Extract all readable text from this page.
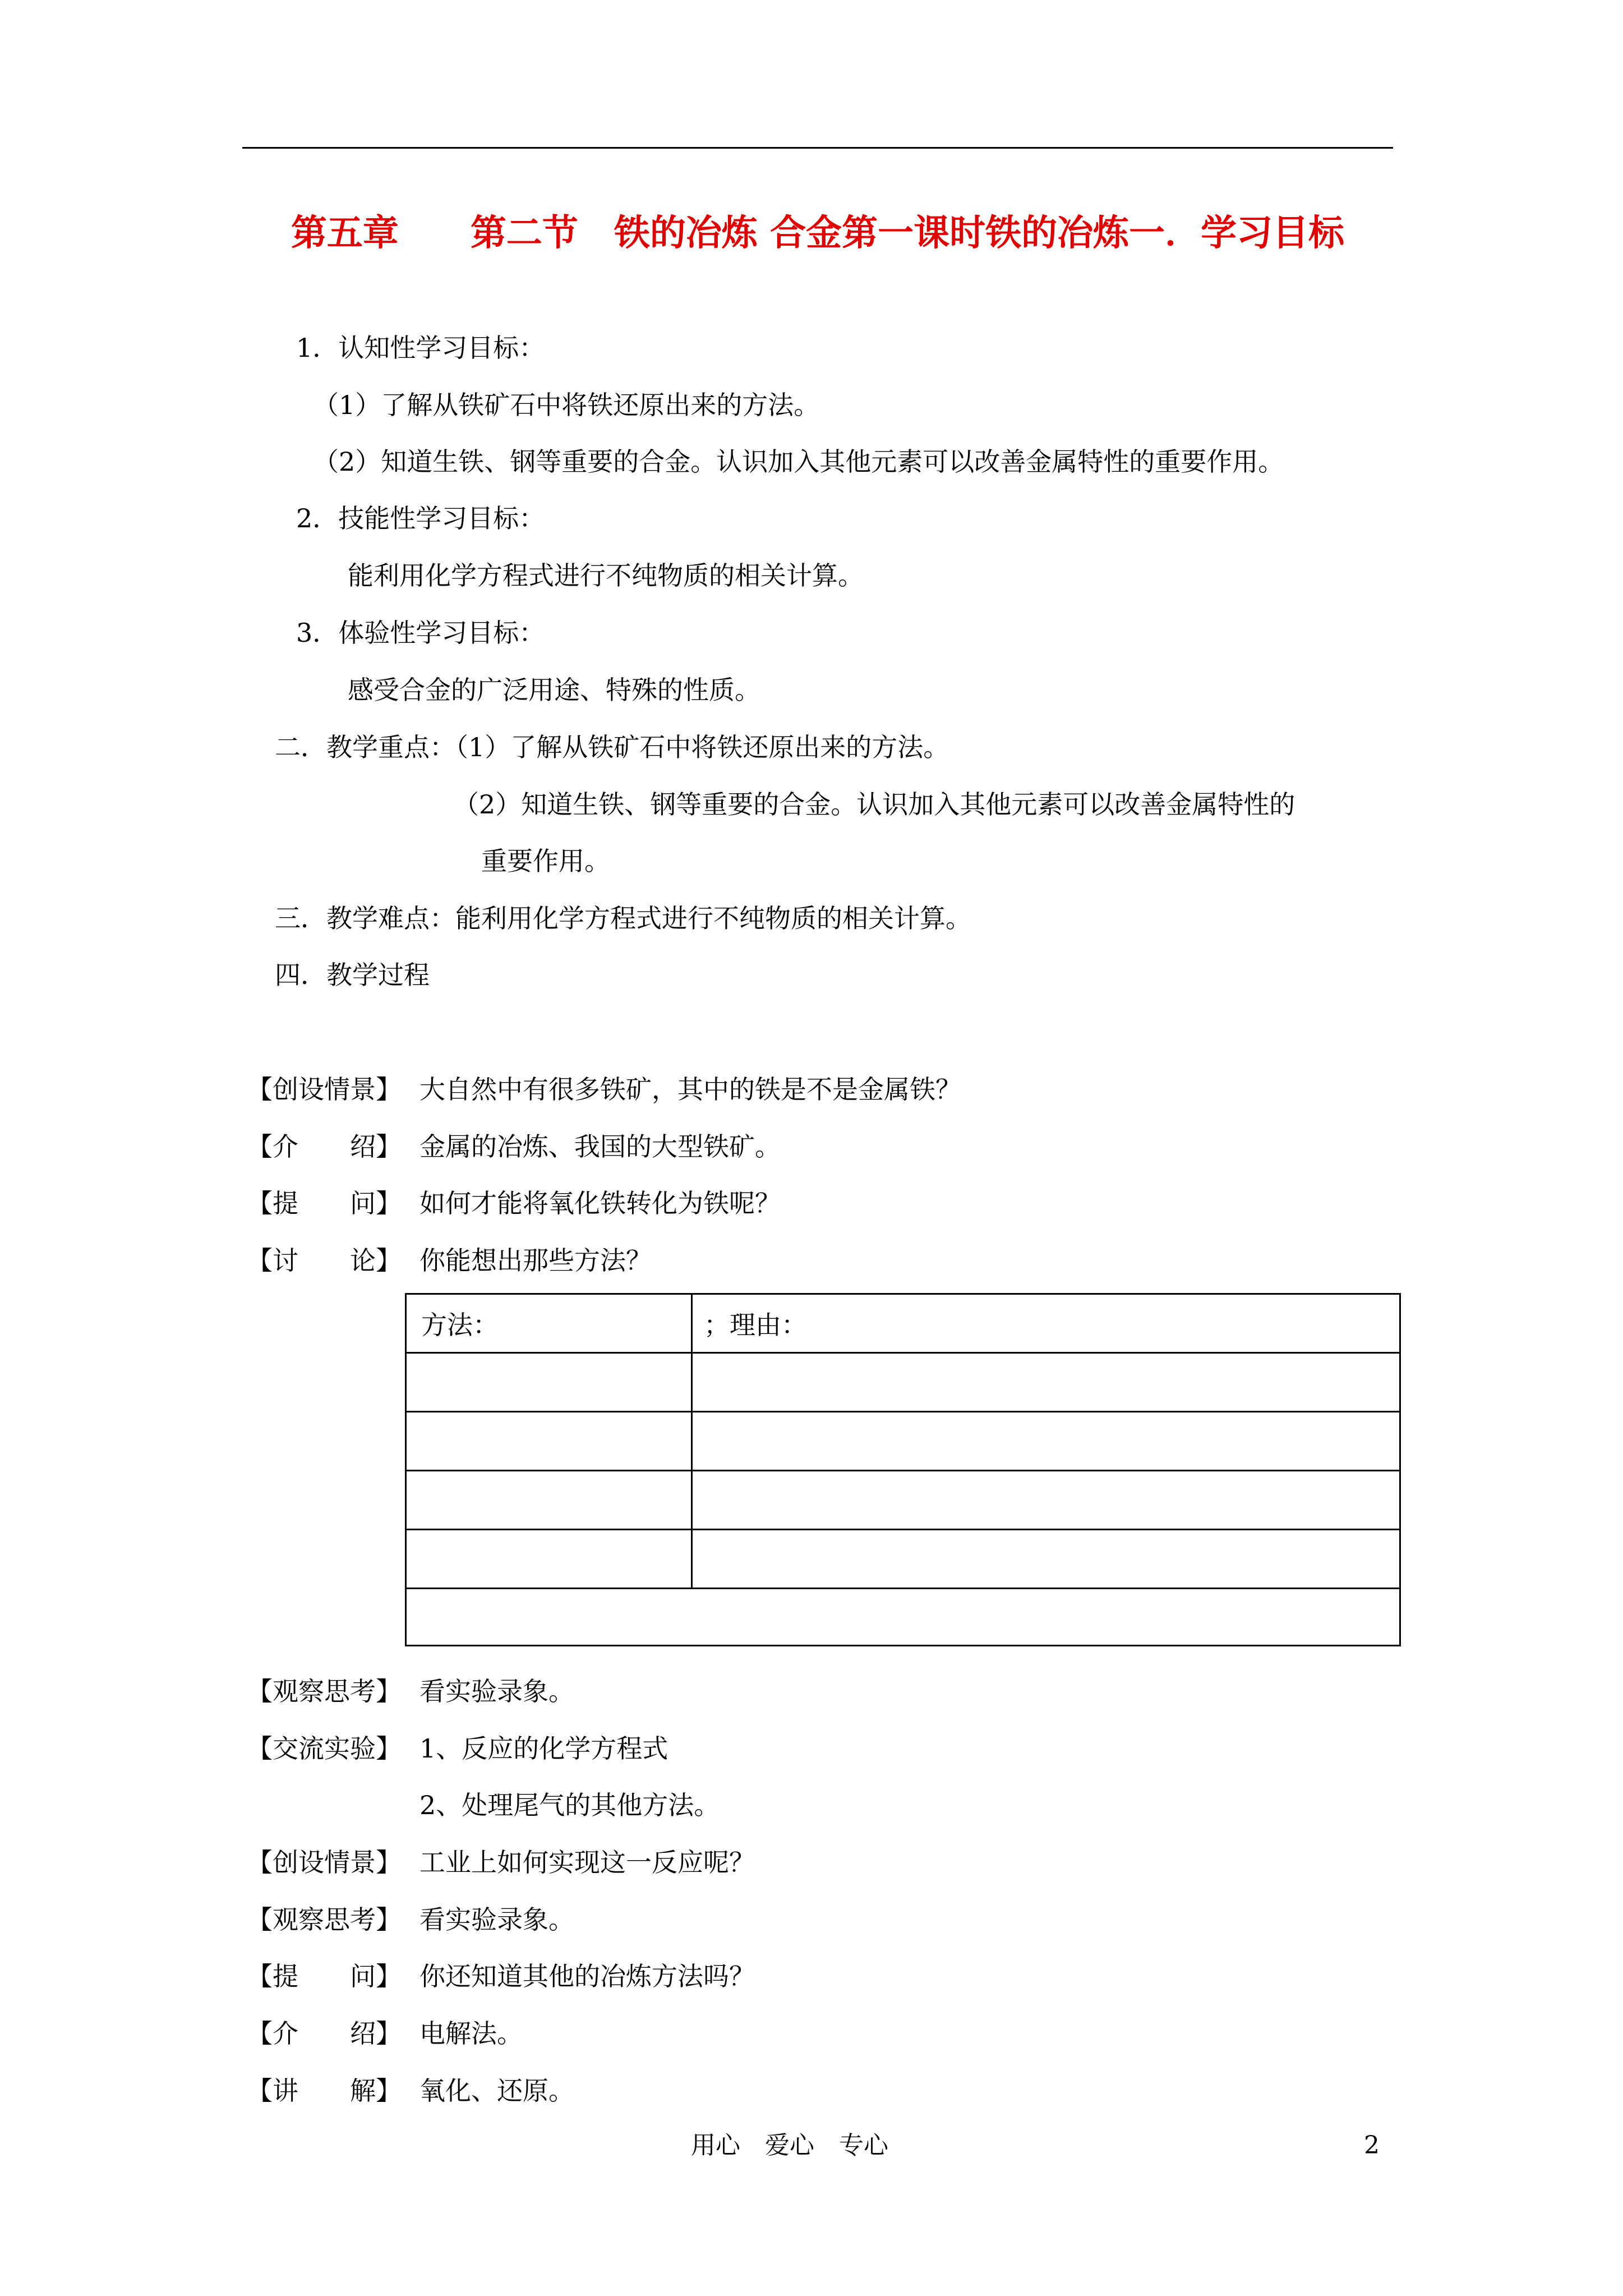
第五章　　第二节　铁的冶炼 合金第一课时铁的冶炼一．学习目标
1．认知性学习目标：
（1）了解从铁矿石中将铁还原出来的方法。
（2）知道生铁、钢等重要的合金。认识加入其他元素可以改善金属特性的重要作用。
2．技能性学习目标：
能利用化学方程式进行不纯物质的相关计算。
3．体验性学习目标：
感受合金的广泛用途、特殊的性质。
二．教学重点：（1）了解从铁矿石中将铁还原出来的方法。
（2）知道生铁、钢等重要的合金。认识加入其他元素可以改善金属特性的
重要作用。
三．教学难点：能利用化学方程式进行不纯物质的相关计算。
四．教学过程
【创设情景】 大自然中有很多铁矿，其中的铁是不是金属铁？
【介　　绍】 金属的冶炼、我国的大型铁矿。
【提　　问】 如何才能将氧化铁转化为铁呢？
【讨　　论】 你能想出那些方法？
方法：	；理由：
【观察思考】 看实验录象。
【交流实验】 1、反应的化学方程式
2、处理尾气的其他方法。
【创设情景】 工业上如何实现这一反应呢？
【观察思考】 看实验录象。
【提　　问】 你还知道其他的冶炼方法吗？
【介　　绍】 电解法。
【讲　　解】 氧化、还原。
用心　爱心　专心	2
